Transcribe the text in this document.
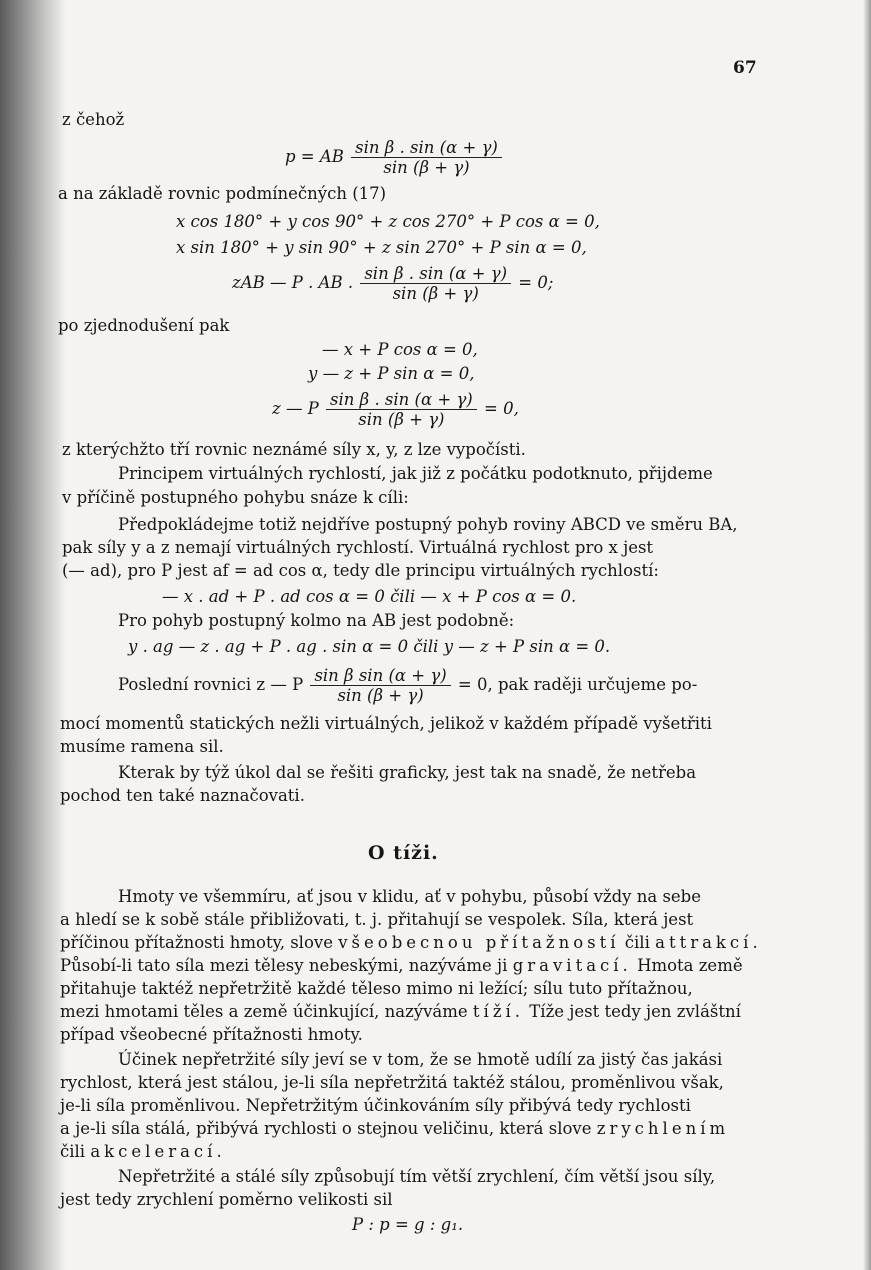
67
z čehož
p = AB $\frac{\text{sin β . sin (α + γ)}}{\sin (\beta + \gamma)}$
a na základě rovnic podmínečných (17)
x cos 180° + y cos 90° + z cos 270° + P cos α = 0,
x sin 180° + y sin 90° + z sin 270° + P sin α = 0,
zAB — P . AB . $\frac{\text{sin β . sin (α + γ)}}{\sin (\beta + \gamma)} = 0$;
po zjednodušení pak
— x + P cos α = 0,
y — z + P sin α = 0,
z — P $\frac{\text{sin β . sin (α + γ)}}{\sin (\beta + \gamma)} = 0$,
z kterýchžto tří rovnic neznámé síly x, y, z lze vypočísti.
Principem virtuálných rychlostí, jak již z počátku podotknuto, přijdeme
v příčině postupného pohybu snáze k cíli:
Předpokládejme totiž nejdříve postupný pohyb roviny ABCD ve směru BA,
pak síly y a z nemají virtuálných rychlostí. Virtuálná rychlost pro x jest
(— ad), pro P jest af = ad cos α, tedy dle principu virtuálných rychlostí:
— x . ad + P . ad cos α = 0 čili — x + P cos α = 0.
Pro pohyb postupný kolmo na AB jest podobně:
y . ag — z . ag + P . ag . sin α = 0 čili y — z + P sin α = 0.
Poslední rovnici z — P $\frac{\text{sin β sin (α + γ)}}{\sin (\beta + \gamma)} = 0$, pak raději určujeme po-
mocí momentů statických nežli virtuálných, jelikož v každém případě vyšetřiti
musíme ramena sil.
Kterak by týž úkol dal se řešiti graficky, jest tak na snadě, že netřeba
pochod ten také naznačovati.
O tíži.
Hmoty ve všemmíru, ať jsou v klidu, ať v pohybu, působí vždy na sebe
a hledí se k sobě stále přibližovati, t. j. přitahují se vespolek. Síla, která jest
příčinou přítažnosti hmoty, slove všeobecnou přítažností čili attrakcí.
Působí-li tato síla mezi tělesy nebeskými, nazýváme ji gravitací. Hmota země
přitahuje taktéž nepřetržitě každé těleso mimo ni ležící; sílu tuto přítažnou,
mezi hmotami těles a země účinkující, nazýváme tíží. Tíže jest tedy jen zvláštní
případ všeobecné přítažnosti hmoty.
Účinek nepřetržité síly jeví se v tom, že se hmotě udílí za jistý čas jakási
rychlost, která jest stálou, je-li síla nepřetržitá taktéž stálou, proměnlivou však,
je-li síla proměnlivou. Nepřetržitým účinkováním síly přibývá tedy rychlosti
a je-li síla stálá, přibývá rychlosti o stejnou veličinu, která slove zrychlením
čili akcelerací.
Nepřetržité a stálé síly způsobují tím větší zrychlení, čím větší jsou síly,
jest tedy zrychlení poměrno velikosti sil
P : p = g : g₁.
